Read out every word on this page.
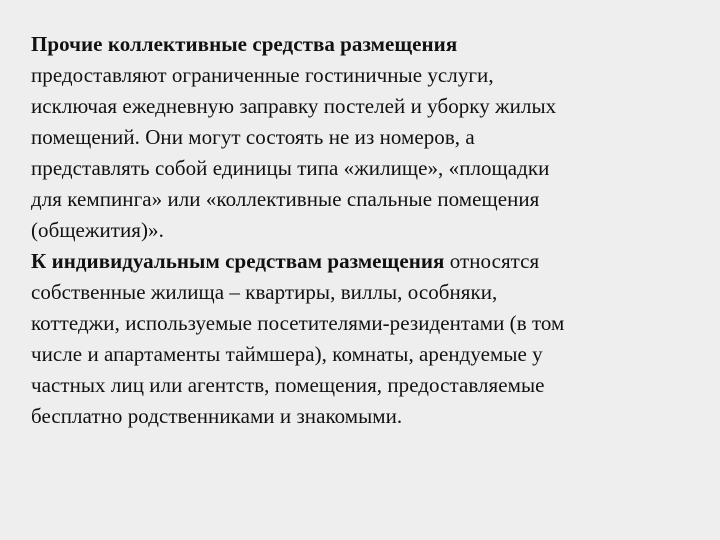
Прочие коллективные средства размещения
предоставляют ограниченные гостиничные услуги,
исключая ежедневную заправку постелей и уборку жилых
помещений. Они могут состоять не из номеров, а
представлять собой единицы типа «жилище», «площадки
для кемпинга» или «коллективные спальные помещения
(общежития)».

К индивидуальным средствам размещения относятся
собственные жилища – квартиры, виллы, особняки,
коттеджи, используемые посетителями-резидентами (в том
числе и апартаменты таймшера), комнаты, арендуемые у
частных лиц или агентств, помещения, предоставляемые
бесплатно родственниками и знакомыми.
